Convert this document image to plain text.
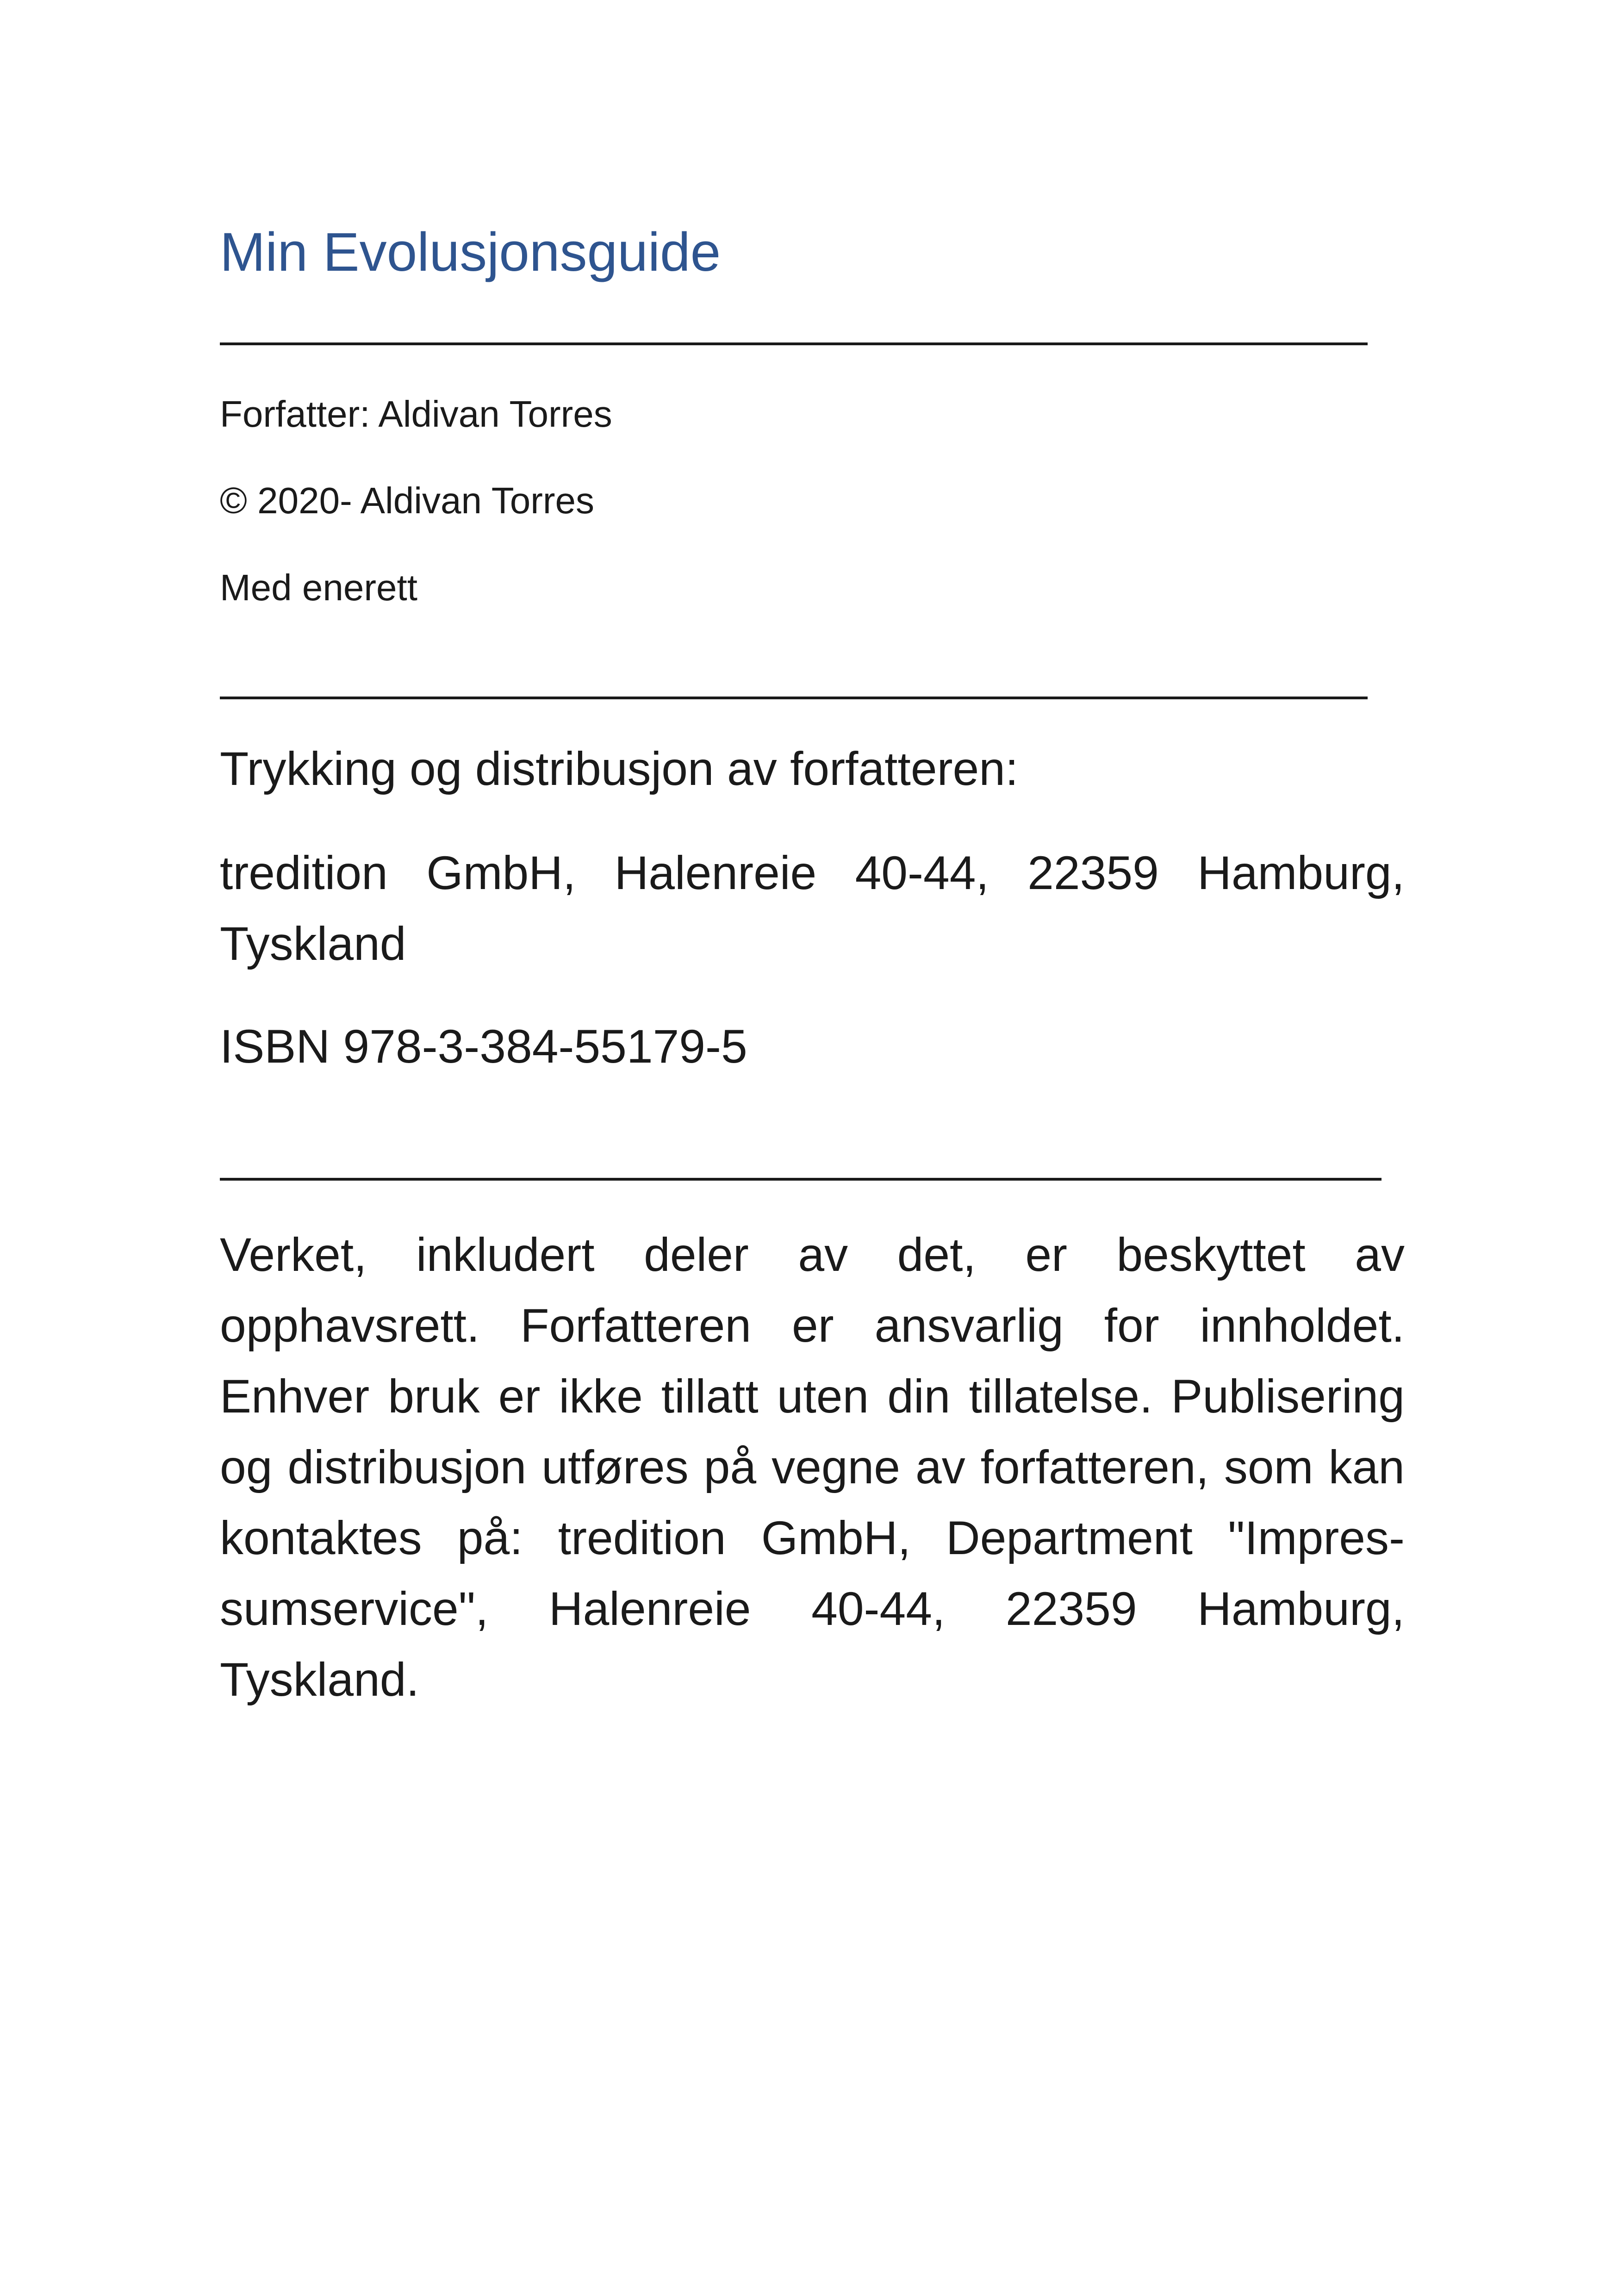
Min Evolusjonsguide
Forfatter: Aldivan Torres
© 2020- Aldivan Torres
Med enerett
Trykking og distribusjon av forfatteren:
tredition GmbH, Halenreie 40-44, 22359 Hamburg, Tyskland
ISBN 978-3-384-55179-5
Verket, inkludert deler av det, er beskyttet av opphavsrett. Forfatteren er ansvarlig for innholdet. Enhver bruk er ikke tillatt uten din tillatelse. Publisering og distribusjon utføres på vegne av forfatteren, som kan kontaktes på: tredition GmbH, Department "Impres-sumservice", Halenreie 40-44, 22359 Hamburg, Tyskland.
